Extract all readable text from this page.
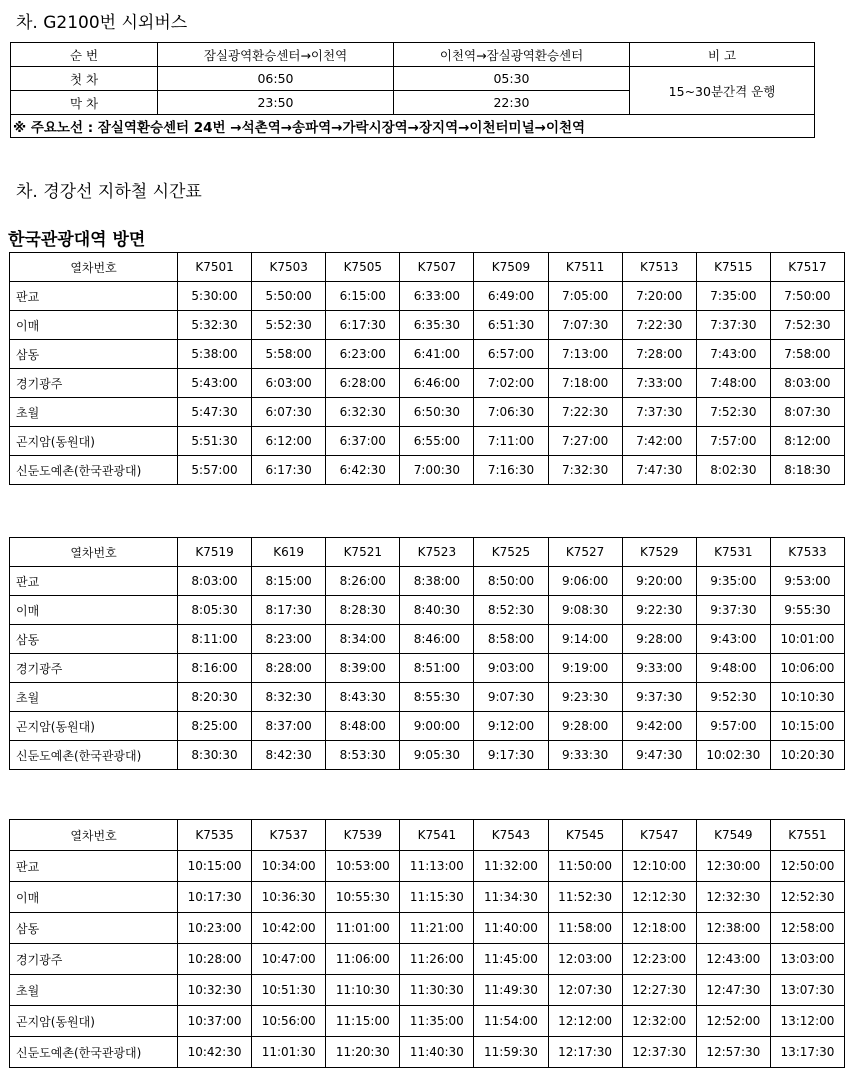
차. G2100번 시외버스
순 번	잠실광역환승센터→이천역	이천역→잠실광역환승센터	비 고
첫 차	06:50	05:30	15~30분간격 운행
막 차	23:50	22:30	
※ 주요노선 : 잠실역환승센터 24번 →석촌역→송파역→가락시장역→장지역→이천터미널→이천역			
차. 경강선 지하철 시간표
한국관광대역 방면
열차번호	K7501	K7503	K7505	K7507	K7509	K7511	K7513	K7515	K7517
판교	5:30:00	5:50:00	6:15:00	6:33:00	6:49:00	7:05:00	7:20:00	7:35:00	7:50:00
이매	5:32:30	5:52:30	6:17:30	6:35:30	6:51:30	7:07:30	7:22:30	7:37:30	7:52:30
삼동	5:38:00	5:58:00	6:23:00	6:41:00	6:57:00	7:13:00	7:28:00	7:43:00	7:58:00
경기광주	5:43:00	6:03:00	6:28:00	6:46:00	7:02:00	7:18:00	7:33:00	7:48:00	8:03:00
초월	5:47:30	6:07:30	6:32:30	6:50:30	7:06:30	7:22:30	7:37:30	7:52:30	8:07:30
곤지암(동원대)	5:51:30	6:12:00	6:37:00	6:55:00	7:11:00	7:27:00	7:42:00	7:57:00	8:12:00
신둔도예촌(한국관광대)	5:57:00	6:17:30	6:42:30	7:00:30	7:16:30	7:32:30	7:47:30	8:02:30	8:18:30
열차번호	K7519	K619	K7521	K7523	K7525	K7527	K7529	K7531	K7533
판교	8:03:00	8:15:00	8:26:00	8:38:00	8:50:00	9:06:00	9:20:00	9:35:00	9:53:00
이매	8:05:30	8:17:30	8:28:30	8:40:30	8:52:30	9:08:30	9:22:30	9:37:30	9:55:30
삼동	8:11:00	8:23:00	8:34:00	8:46:00	8:58:00	9:14:00	9:28:00	9:43:00	10:01:00
경기광주	8:16:00	8:28:00	8:39:00	8:51:00	9:03:00	9:19:00	9:33:00	9:48:00	10:06:00
초월	8:20:30	8:32:30	8:43:30	8:55:30	9:07:30	9:23:30	9:37:30	9:52:30	10:10:30
곤지암(동원대)	8:25:00	8:37:00	8:48:00	9:00:00	9:12:00	9:28:00	9:42:00	9:57:00	10:15:00
신둔도예촌(한국관광대)	8:30:30	8:42:30	8:53:30	9:05:30	9:17:30	9:33:30	9:47:30	10:02:30	10:20:30
열차번호	K7535	K7537	K7539	K7541	K7543	K7545	K7547	K7549	K7551
판교	10:15:00	10:34:00	10:53:00	11:13:00	11:32:00	11:50:00	12:10:00	12:30:00	12:50:00
이매	10:17:30	10:36:30	10:55:30	11:15:30	11:34:30	11:52:30	12:12:30	12:32:30	12:52:30
삼동	10:23:00	10:42:00	11:01:00	11:21:00	11:40:00	11:58:00	12:18:00	12:38:00	12:58:00
경기광주	10:28:00	10:47:00	11:06:00	11:26:00	11:45:00	12:03:00	12:23:00	12:43:00	13:03:00
초월	10:32:30	10:51:30	11:10:30	11:30:30	11:49:30	12:07:30	12:27:30	12:47:30	13:07:30
곤지암(동원대)	10:37:00	10:56:00	11:15:00	11:35:00	11:54:00	12:12:00	12:32:00	12:52:00	13:12:00
신둔도예촌(한국관광대)	10:42:30	11:01:30	11:20:30	11:40:30	11:59:30	12:17:30	12:37:30	12:57:30	13:17:30
